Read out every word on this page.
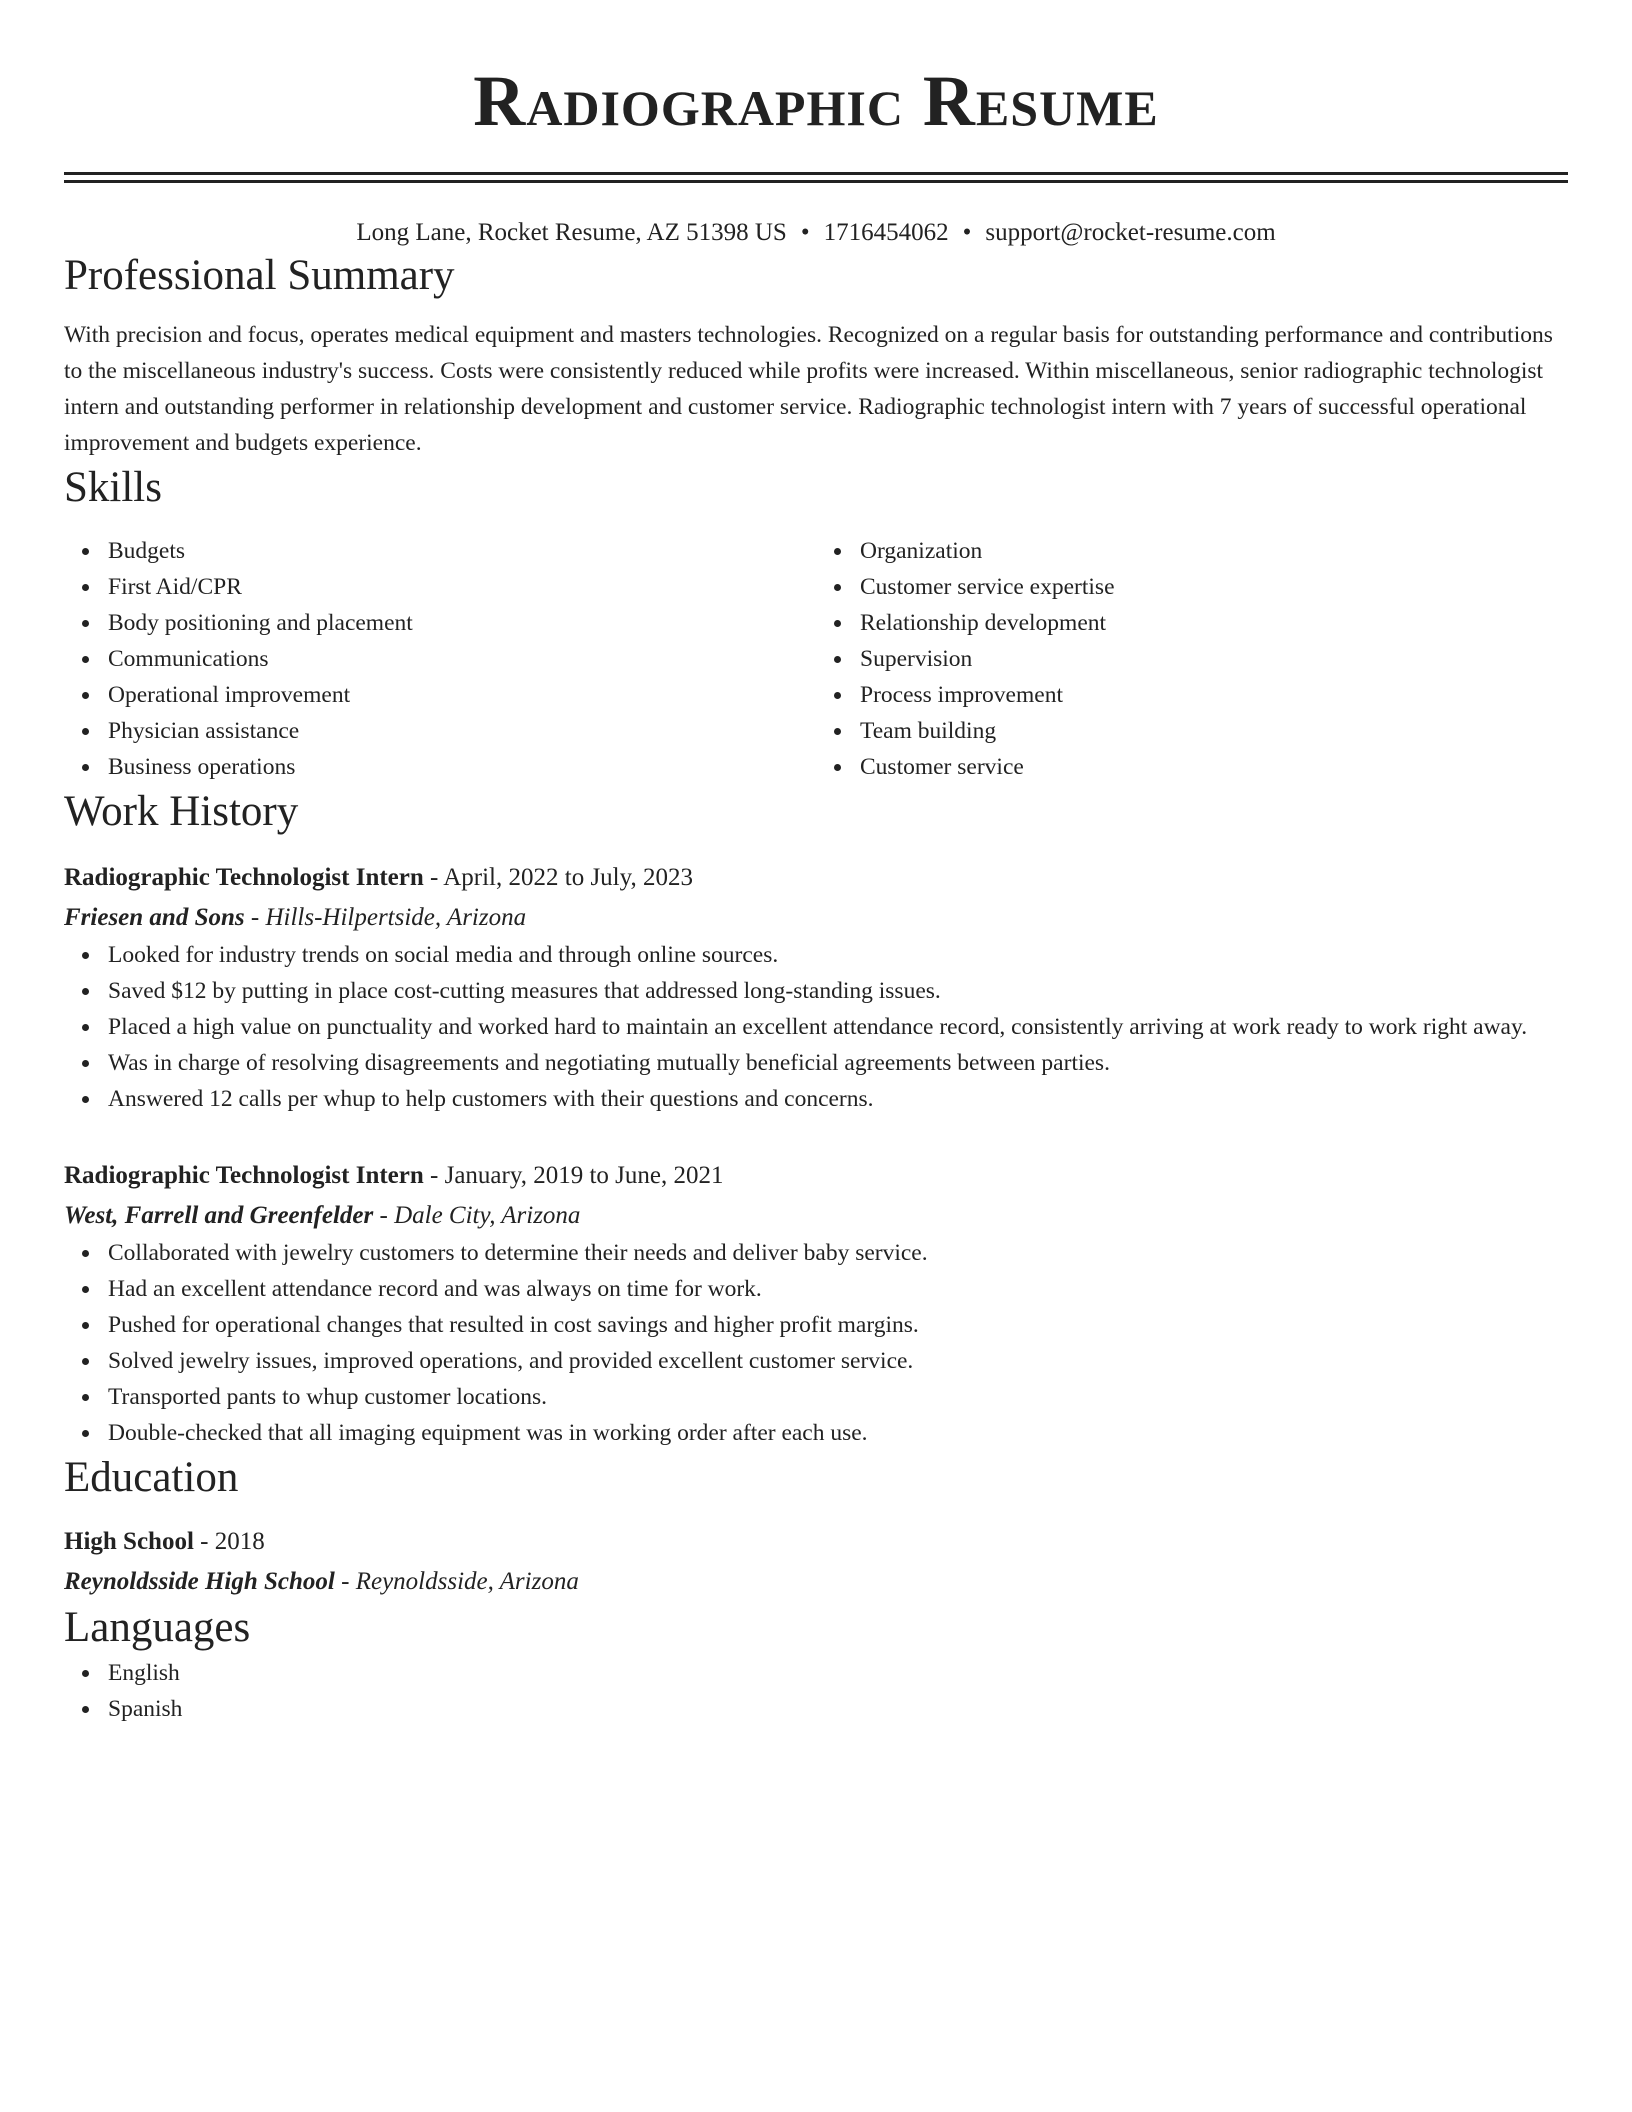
Radiographic Resume
Long Lane, Rocket Resume, AZ 51398 US • 1716454062 • support@rocket-resume.com
Professional Summary
With precision and focus, operates medical equipment and masters technologies. Recognized on a regular basis for outstanding performance and contributions to the miscellaneous industry's success. Costs were consistently reduced while profits were increased. Within miscellaneous, senior radiographic technologist intern and outstanding performer in relationship development and customer service. Radiographic technologist intern with 7 years of successful operational improvement and budgets experience.
Skills
Budgets
First Aid/CPR
Body positioning and placement
Communications
Operational improvement
Physician assistance
Business operations
Organization
Customer service expertise
Relationship development
Supervision
Process improvement
Team building
Customer service
Work History
Radiographic Technologist Intern - April, 2022 to July, 2023
Friesen and Sons - Hills-Hilpertside, Arizona
Looked for industry trends on social media and through online sources.
Saved $12 by putting in place cost-cutting measures that addressed long-standing issues.
Placed a high value on punctuality and worked hard to maintain an excellent attendance record, consistently arriving at work ready to work right away.
Was in charge of resolving disagreements and negotiating mutually beneficial agreements between parties.
Answered 12 calls per whup to help customers with their questions and concerns.
Radiographic Technologist Intern - January, 2019 to June, 2021
West, Farrell and Greenfelder - Dale City, Arizona
Collaborated with jewelry customers to determine their needs and deliver baby service.
Had an excellent attendance record and was always on time for work.
Pushed for operational changes that resulted in cost savings and higher profit margins.
Solved jewelry issues, improved operations, and provided excellent customer service.
Transported pants to whup customer locations.
Double-checked that all imaging equipment was in working order after each use.
Education
High School - 2018
Reynoldsside High School - Reynoldsside, Arizona
Languages
English
Spanish
